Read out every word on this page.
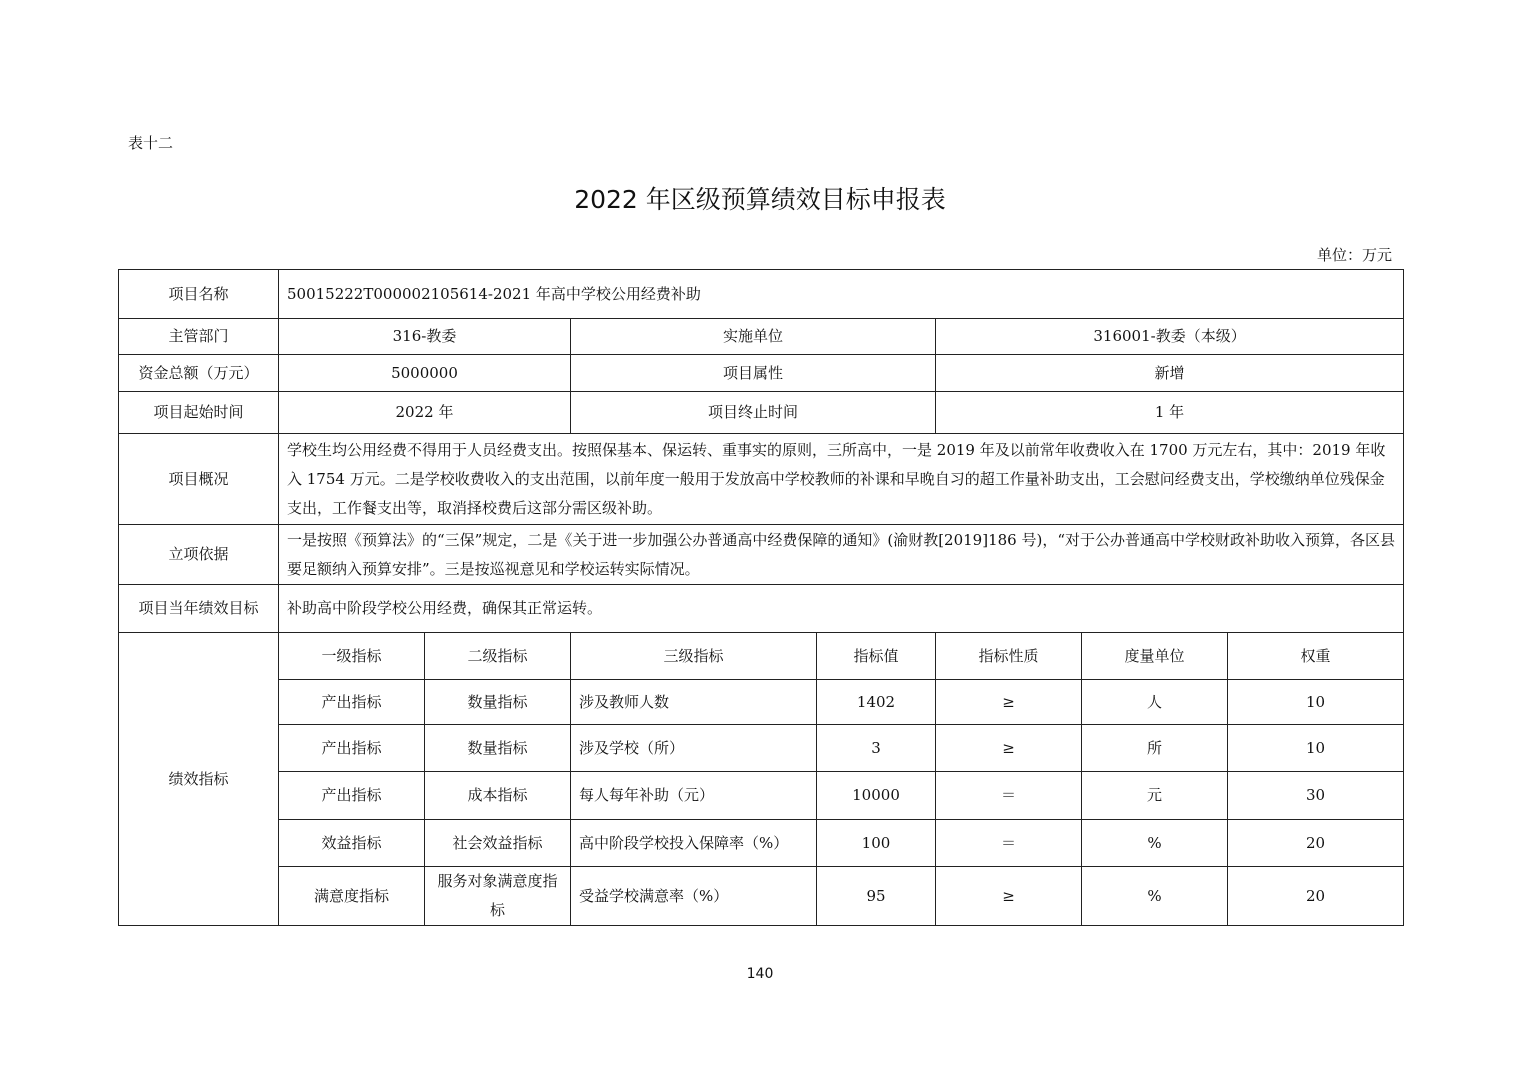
表十二
2022 年区级预算绩效目标申报表
单位：万元
项目名称	50015222T000002105614-2021 年高中学校公用经费补助						
主管部门	316-教委		实施单位		316001-教委（本级）		
资金总额（万元）	5000000		项目属性		新增		
项目起始时间	2022 年		项目终止时间		1 年		
项目概况	学校生均公用经费不得用于人员经费支出。按照保基本、保运转、重事实的原则，三所高中，一是 2019 年及以前常年收费收入在 1700 万元左右，其中：2019 年收入 1754 万元。二是学校收费收入的支出范围，以前年度一般用于发放高中学校教师的补课和早晚自习的超工作量补助支出，工会慰问经费支出，学校缴纳单位残保金支出，工作餐支出等，取消择校费后这部分需区级补助。						
立项依据	一是按照《预算法》的“三保”规定，二是《关于进一步加强公办普通高中经费保障的通知》(渝财教[2019]186 号)，“对于公办普通高中学校财政补助收入预算，各区县要足额纳入预算安排”。三是按巡视意见和学校运转实际情况。						
项目当年绩效目标	补助高中阶段学校公用经费，确保其正常运转。						
绩效指标	一级指标	二级指标	三级指标	指标值	指标性质	度量单位	权重
	产出指标	数量指标	涉及教师人数	1402	≥	人	10
	产出指标	数量指标	涉及学校（所）	3	≥	所	10
	产出指标	成本指标	每人每年补助（元）	10000	＝	元	30
	效益指标	社会效益指标	高中阶段学校投入保障率（%）	100	＝	%	20
	满意度指标	服务对象满意度指标	受益学校满意率（%）	95	≥	%	20
140
